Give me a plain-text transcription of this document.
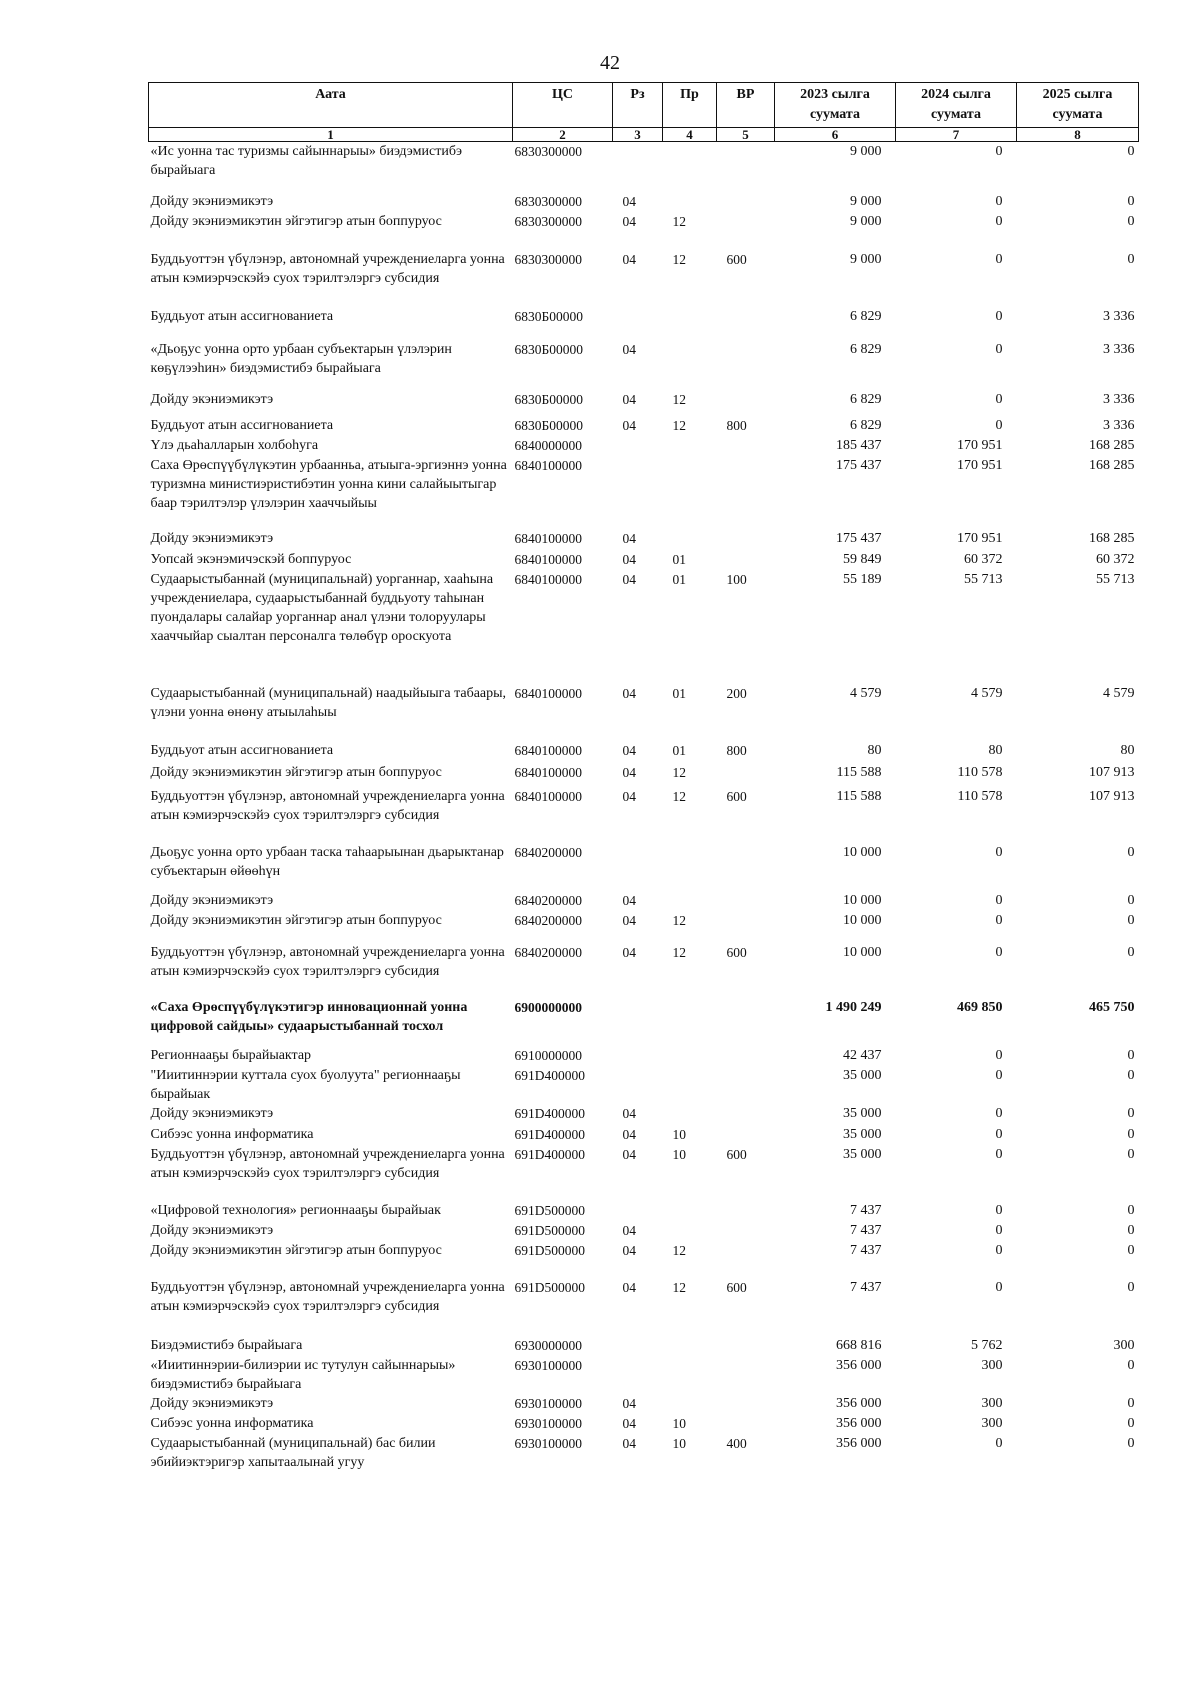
42
Аата	ЦС	Рз	Пр	ВР	2023 сылга суумата	2024 сылга суумата	2025 сылга суумата
1	2	3	4	5	6	7	8
«Ис уонна тас туризмы сайыннарыы» биэдэмистибэ бырайыага	6830300000				9 000	0	0
Дойду экэниэмикэтэ	6830300000	04			9 000	0	0
Дойду экэниэмикэтин эйгэтигэр атын боппуруос	6830300000	04	12		9 000	0	0
Буддьуоттэн үбүлэнэр, автономнай учреждениеларга уонна атын кэмиэрчэскэйэ суох тэрилтэлэргэ субсидия	6830300000	04	12	600	9 000	0	0
Буддьуот атын ассигнованиета	6830Б00000				6 829	0	3 336
«Дьоҕус уонна орто урбаан субъектарын үлэлэрин көҕүлээhин» биэдэмистибэ бырайыага	6830Б00000	04			6 829	0	3 336
Дойду экэниэмикэтэ	6830Б00000	04	12		6 829	0	3 336
Буддьуот атын ассигнованиета	6830Б00000	04	12	800	6 829	0	3 336
Үлэ дьаhалларын холбоhуга	6840000000				185 437	170 951	168 285
Саха Өрөспүүбүлүкэтин урбаанньа, атыыга-эргиэннэ уонна туризмна министиэристибэтин уонна кини салайыытыгар баар тэрилтэлэр үлэлэрин хааччыйыы	6840100000				175 437	170 951	168 285
Дойду экэниэмикэтэ	6840100000	04			175 437	170 951	168 285
Уопсай экэнэмичэскэй боппуруос	6840100000	04	01		59 849	60 372	60 372
Судаарыстыбаннай (муниципальнай) уорганнар, хааhына учреждениелара, судаарыстыбаннай буддьуоту таhынан пуондалары салайар уорганнар анал үлэни толоруулары хааччыйар сыалтан персоналга төлөбүр ороскуота	6840100000	04	01	100	55 189	55 713	55 713
Судаарыстыбаннай (муниципальнай) наадыйыыга табаары, үлэни уонна өнөну атыылаhыы	6840100000	04	01	200	4 579	4 579	4 579
Буддьуот атын ассигнованиета	6840100000	04	01	800	80	80	80
Дойду экэниэмикэтин эйгэтигэр атын боппуруос	6840100000	04	12		115 588	110 578	107 913
Буддьуоттэн үбүлэнэр, автономнай учреждениеларга уонна атын кэмиэрчэскэйэ суох тэрилтэлэргэ субсидия	6840100000	04	12	600	115 588	110 578	107 913
Дьоҕус уонна орто урбаан таска таhаарыынан дьарыктанар субъектарын өйөөhүн	6840200000				10 000	0	0
Дойду экэниэмикэтэ	6840200000	04			10 000	0	0
Дойду экэниэмикэтин эйгэтигэр атын боппуруос	6840200000	04	12		10 000	0	0
Буддьуоттэн үбүлэнэр, автономнай учреждениеларга уонна атын кэмиэрчэскэйэ суох тэрилтэлэргэ субсидия	6840200000	04	12	600	10 000	0	0
«Саха Өрөспүүбүлүкэтигэр инновационнай уонна цифровой сайдыы» судаарыстыбаннай тосхол	6900000000				1 490 249	469 850	465 750
Регионнааҕы бырайыактар	6910000000				42 437	0	0
"Ииитиннэрии куттала суох буолуута" регионнааҕы бырайыак	691D400000				35 000	0	0
Дойду экэниэмикэтэ	691D400000	04			35 000	0	0
Сибээс уонна информатика	691D400000	04	10		35 000	0	0
Буддьуоттэн үбүлэнэр, автономнай учреждениеларга уонна атын кэмиэрчэскэйэ суох тэрилтэлэргэ субсидия	691D400000	04	10	600	35 000	0	0
«Цифровой технология» регионнааҕы бырайыак	691D500000				7 437	0	0
Дойду экэниэмикэтэ	691D500000	04			7 437	0	0
Дойду экэниэмикэтин эйгэтигэр атын боппуруос	691D500000	04	12		7 437	0	0
Буддьуоттэн үбүлэнэр, автономнай учреждениеларга уонна атын кэмиэрчэскэйэ суох тэрилтэлэргэ субсидия	691D500000	04	12	600	7 437	0	0
Биэдэмистибэ бырайыага	6930000000				668 816	5 762	300
«Ииитиннэрии-билиэрии ис тутулун сайыннарыы» биэдэмистибэ бырайыага	6930100000				356 000	300	0
Дойду экэниэмикэтэ	6930100000	04			356 000	300	0
Сибээс уонна информатика	6930100000	04	10		356 000	300	0
Судаарыстыбаннай (муниципальнай) бас билии эбийиэктэригэр хапытаалынай угуу	6930100000	04	10	400	356 000	0	0
